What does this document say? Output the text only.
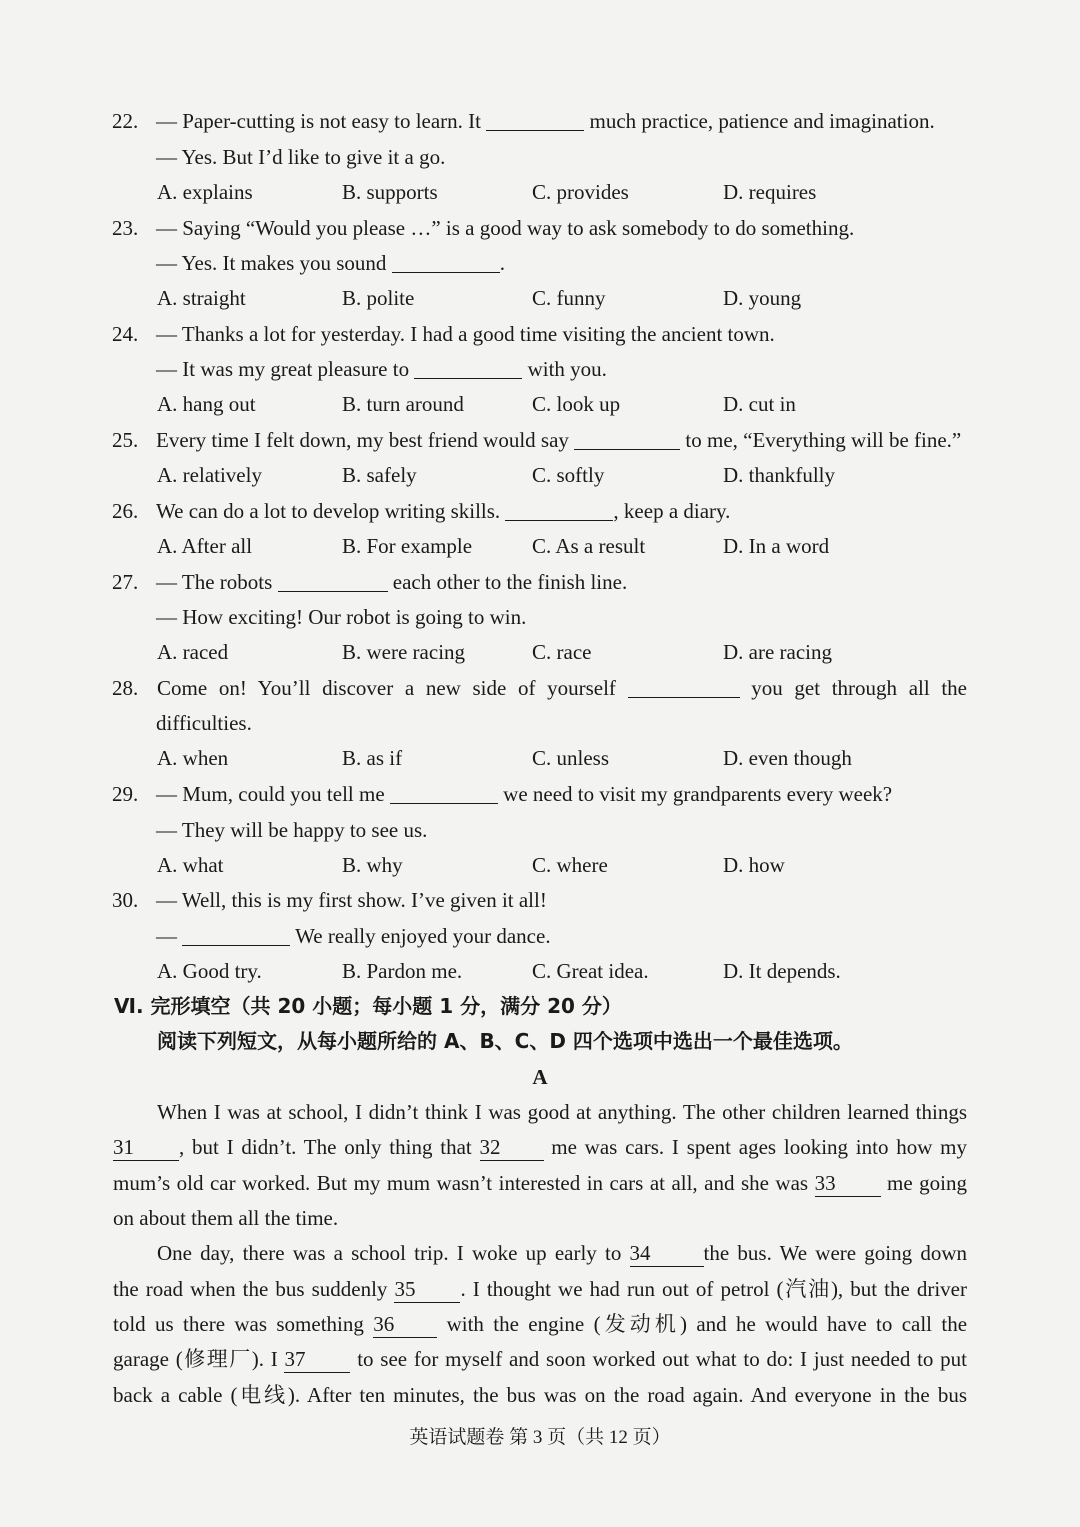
22. — Paper-cutting is not easy to learn. It	much practice, patience and imagination.
— Yes. But I’d like to give it a go.
A. explains	B. supports	C. provides	D. requires
23. — Saying “Would you please …” is a good way to ask somebody to do something.
— Yes. It makes you sound	.
A. straight	B. polite	C. funny	D. young
24. — Thanks a lot for yesterday. I had a good time visiting the ancient town.
— It was my great pleasure to	with you.
A. hang out	B. turn around	C. look up	D. cut in
25. Every time I felt down, my best friend would say	to me, “Everything will be fine.”
A. relatively	B. safely	C. softly	D. thankfully
26. We can do a lot to develop writing skills.	, keep a diary.
A. After all	B. For example	C. As a result	D. In a word
27. — The robots	each other to the finish line.
— How exciting! Our robot is going to win.
A. raced	B. were racing	C. race	D. are racing
28. Come on! You’ll discover a new side of yourself	you get through all the
difficulties.
A. when	B. as if	C. unless	D. even though
29. — Mum, could you tell me	we need to visit my grandparents every week?
— They will be happy to see us.
A. what	B. why	C. where	D. how
30. — Well, this is my first show. I’ve given it all!
—	We really enjoyed your dance.
A. Good try.	B. Pardon me.	C. Great idea.	D. It depends.
Ⅵ. 完形填空（共 20 小题；每小题 1 分，满分 20 分）
阅读下列短文，从每小题所给的 A、B、C、D 四个选项中选出一个最佳选项。
A
When I was at school, I didn’t think I was good at anything. The other children learned things
31 , but I didn’t. The only thing that 32 me was cars. I spent ages looking into how my
mum’s old car worked. But my mum wasn’t interested in cars at all, and she was 33 me going
on about them all the time.
One day, there was a school trip. I woke up early to 34	the bus. We were going down
the road when the bus suddenly 35 . I thought we had run out of petrol (汽油), but the driver
told us there was something 36 with the engine (发动机) and he would have to call the
garage (修理厂). I 37 to see for myself and soon worked out what to do: I just needed to put
back a cable (电线). After ten minutes, the bus was on the road again. And everyone in the bus
英语试题卷 第 3 页（共 12 页）
